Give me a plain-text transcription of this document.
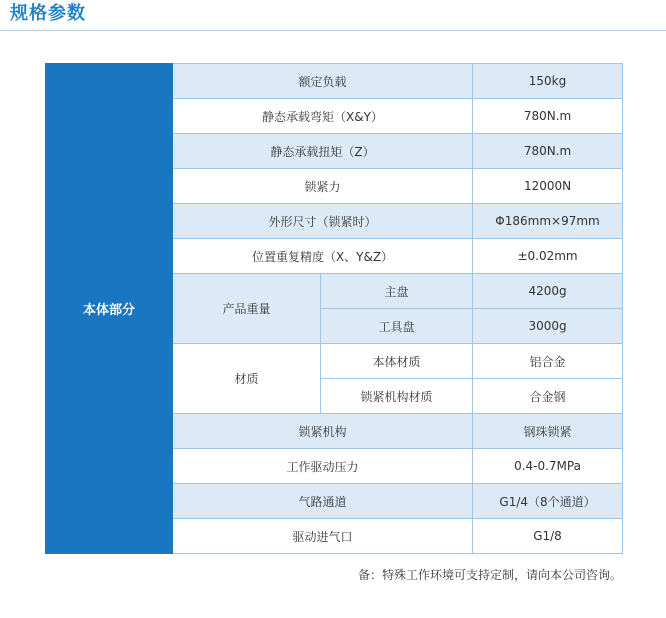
规格参数
本体部分	额定负载		150kg
	静态承载弯矩（X&Y）		780N.m
	静态承载扭矩（Z）		780N.m
	锁紧力		12000N
	外形尺寸（锁紧时）		Φ186mm×97mm
	位置重复精度（X、Y&Z）		±0.02mm
	产品重量	主盘	4200g
		工具盘	3000g
	材质	本体材质	铝合金
		锁紧机构材质	合金钢
	锁紧机构		钢珠锁紧
	工作驱动压力		0.4-0.7MPa
	气路通道		G1/4（8个通道）
	驱动进气口		G1/8
备：特殊工作环境可支持定制，请向本公司咨询。
